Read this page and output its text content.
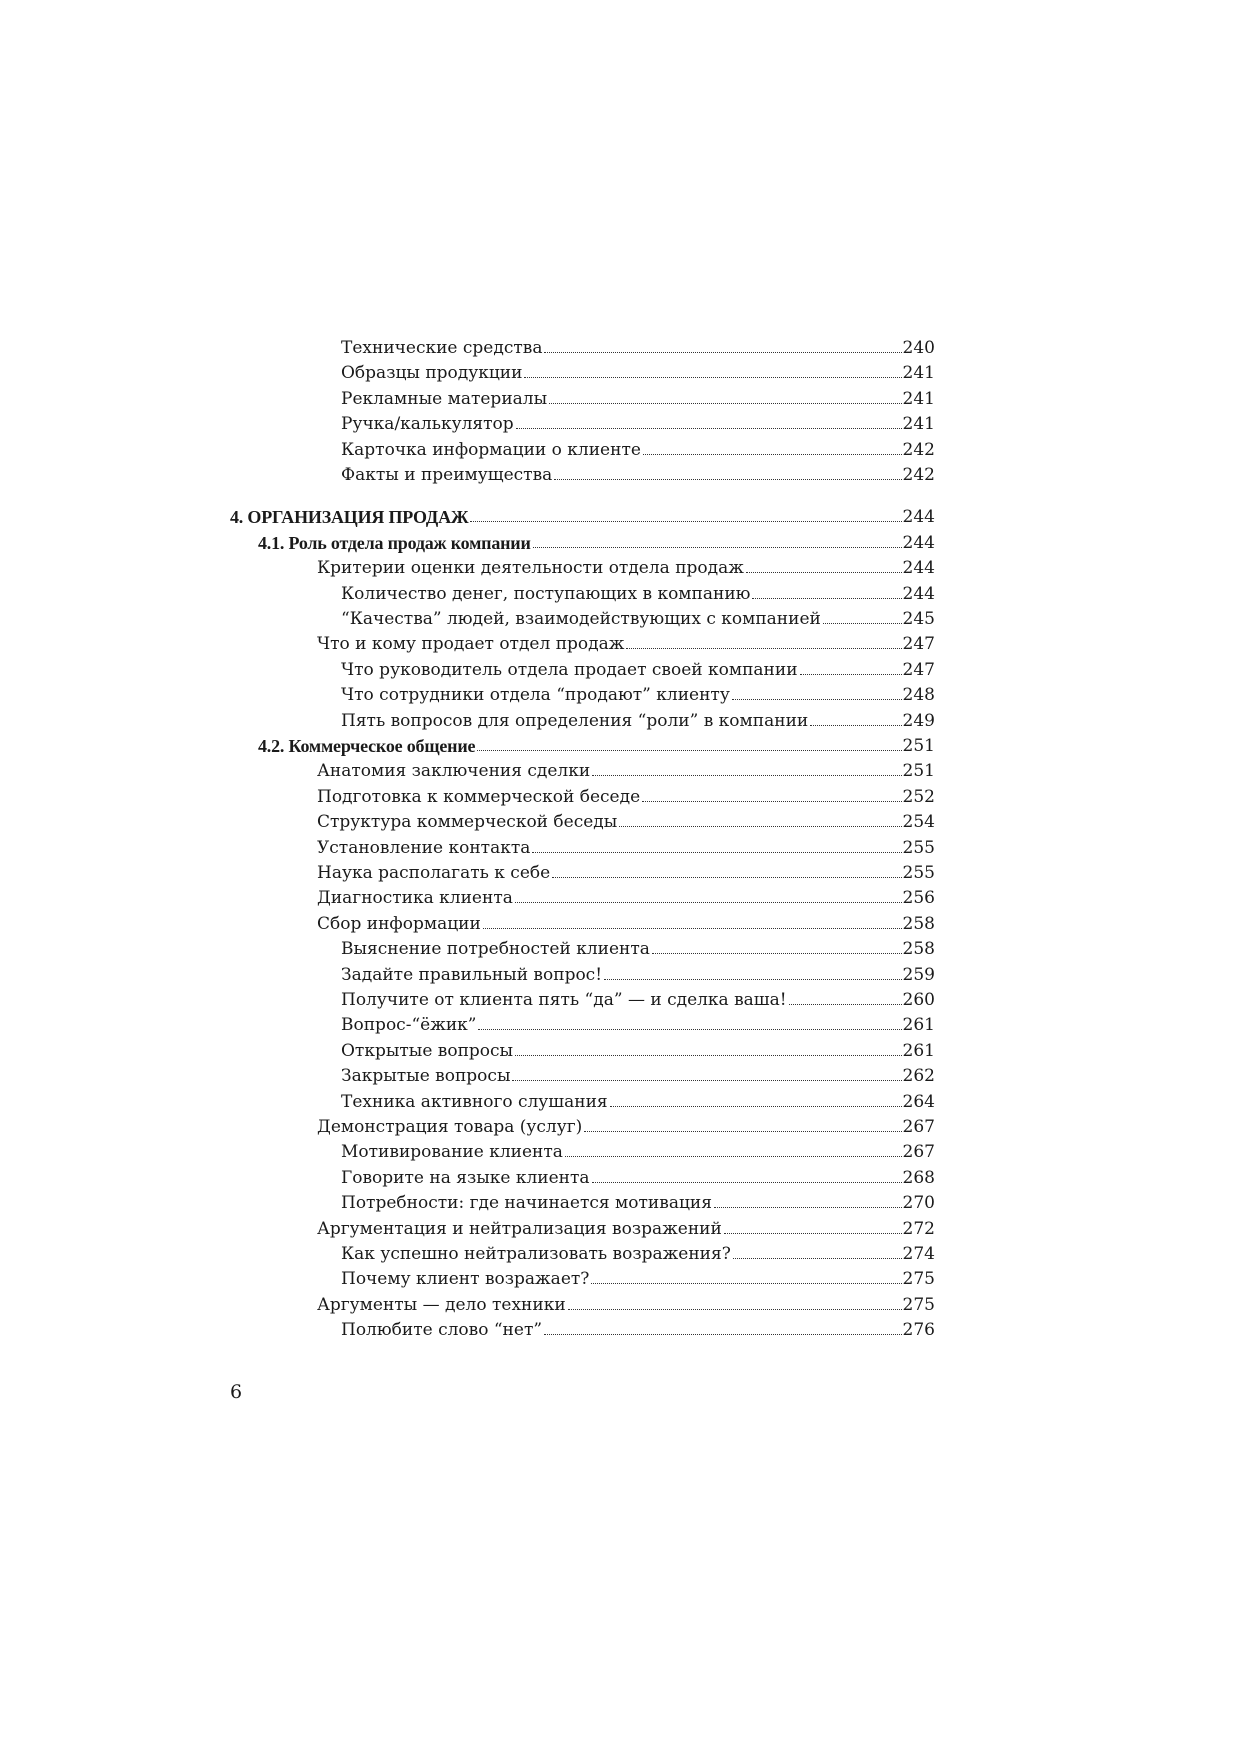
Технические средства	240
Образцы продукции	241
Рекламные материалы	241
Ручка/калькулятор	241
Карточка информации о клиенте	242
Факты и преимущества	242
4. ОРГАНИЗАЦИЯ ПРОДАЖ	244
4.1. Роль отдела продаж компании	244
Критерии оценки деятельности отдела продаж	244
Количество денег, поступающих в компанию	244
“Качества” людей, взаимодействующих с компанией	245
Что и кому продает отдел продаж	247
Что руководитель отдела продает своей компании	247
Что сотрудники отдела “продают” клиенту	248
Пять вопросов для определения “роли” в компании	249
4.2. Коммерческое общение	251
Анатомия заключения сделки	251
Подготовка к коммерческой беседе	252
Структура коммерческой беседы	254
Установление контакта	255
Наука располагать к себе	255
Диагностика клиента	256
Сбор информации	258
Выяснение потребностей клиента	258
Задайте правильный вопрос!	259
Получите от клиента пять “да” — и сделка ваша!	260
Вопрос-“ёжик”	261
Открытые вопросы	261
Закрытые вопросы	262
Техника активного слушания	264
Демонстрация товара (услуг)	267
Мотивирование клиента	267
Говорите на языке клиента	268
Потребности: где начинается мотивация	270
Аргументация и нейтрализация возражений	272
Как успешно нейтрализовать возражения?	274
Почему клиент возражает?	275
Аргументы — дело техники	275
Полюбите слово “нет”	276
6
